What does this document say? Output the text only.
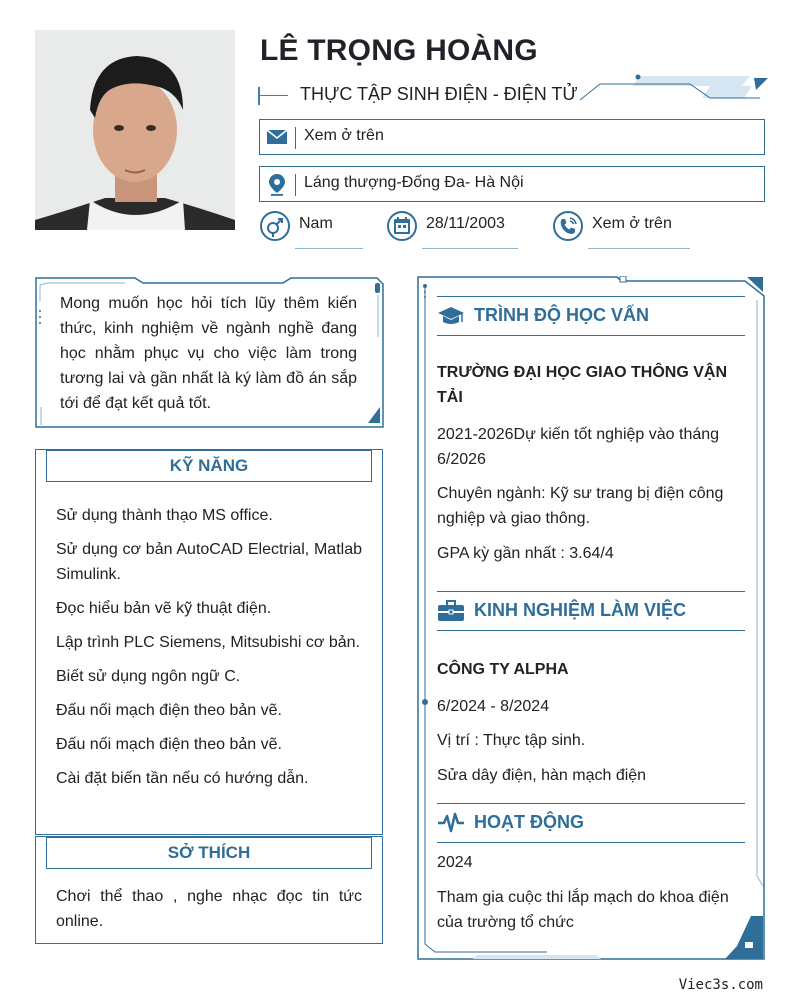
LÊ TRỌNG HOÀNG
THỰC TẬP SINH ĐIỆN - ĐIỆN TỬ
Xem ở trên
Láng thượng-Đống Đa- Hà Nội
Nam	28/11/2003	Xem ở trên
Mong muốn học hỏi tích lũy thêm kiến thức, kinh nghiệm về ngành nghề đang học nhằm phục vụ cho việc làm trong tương lai và gần nhất là ký làm đồ án sắp tới để đạt kết quả tốt.
KỸ NĂNG

Sử dụng thành thạo MS office.

Sử dụng cơ bản AutoCAD Electrial, Matlab Simulink.

Đọc hiểu bản vẽ kỹ thuật điện.

Lập trình PLC Siemens, Mitsubishi cơ bản.

Biết sử dụng ngôn ngữ C.

Đấu nối mạch điện theo bản vẽ.

Đấu nối mạch điện theo bản vẽ.

Cài đặt biến tần nếu có hướng dẫn.

SỞ THÍCH

Chơi thể thao , nghe nhạc đọc tin tức online.

TRÌNH ĐỘ HỌC VẤN
TRƯỜNG ĐẠI HỌC GIAO THÔNG VẬN TẢI
2021-2026Dự kiến tốt nghiệp vào tháng 6/2026
Chuyên ngành: Kỹ sư trang bị điện công nghiệp và giao thông.
GPA kỳ gần nhất : 3.64/4
KINH NGHIỆM LÀM VIỆC
CÔNG TY ALPHA
6/2024 - 8/2024
Vị trí : Thực tập sinh.
Sửa dây điện, hàn mạch điện
HOẠT ĐỘNG
2024
Tham gia cuộc thi lắp mạch do khoa điện của trường tổ chức
Viec3s.com
